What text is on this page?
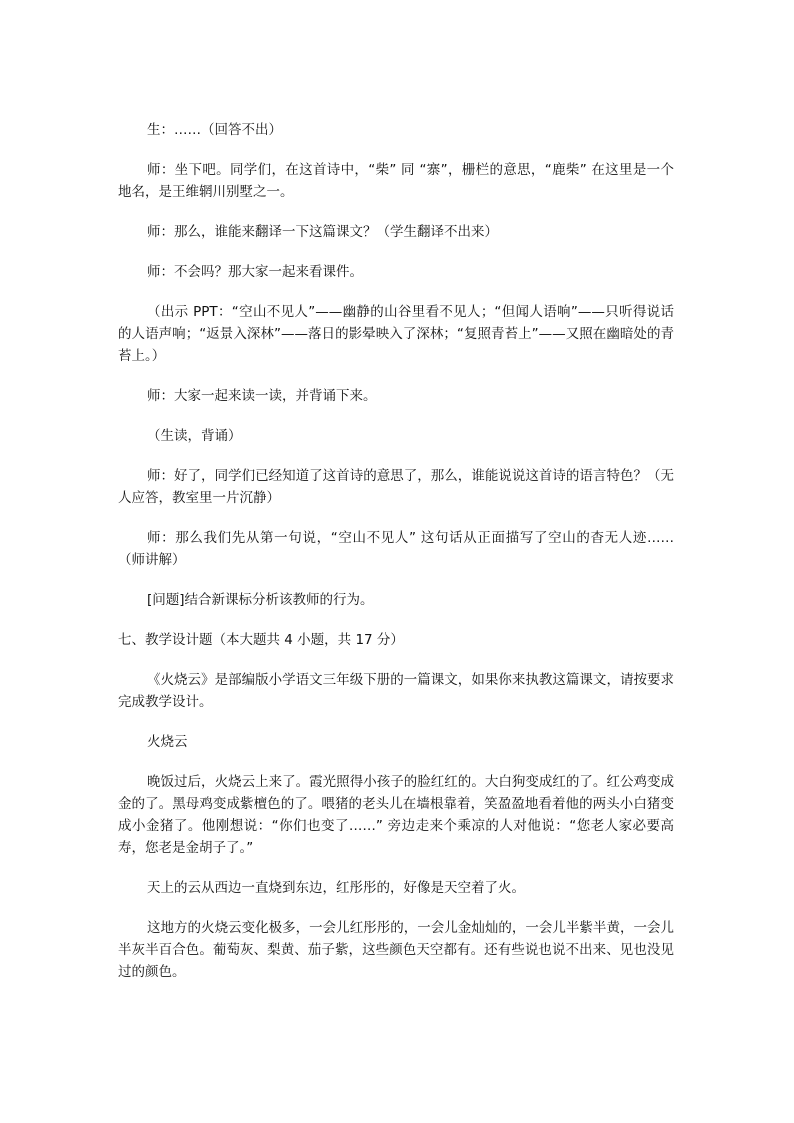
生：……（回答不出）

师：坐下吧。同学们，在这首诗中，“柴” 同 “寨”，栅栏的意思，“鹿柴” 在这里是一个地名，是王维辋川别墅之一。

师：那么，谁能来翻译一下这篇课文？（学生翻译不出来）

师：不会吗？那大家一起来看课件。

（出示 PPT：“空山不见人”——幽静的山谷里看不见人；“但闻人语响”——只听得说话的人语声响；“返景入深林”——落日的影晕映入了深林；“复照青苔上”——又照在幽暗处的青苔上。）

师：大家一起来读一读，并背诵下来。

（生读，背诵）

师：好了，同学们已经知道了这首诗的意思了，那么，谁能说说这首诗的语言特色？（无人应答，教室里一片沉静）

师：那么我们先从第一句说，“空山不见人” 这句话从正面描写了空山的杳无人迹……（师讲解）

[问题]结合新课标分析该教师的行为。

七、教学设计题（本大题共 4 小题，共 17 分）

《火烧云》是部编版小学语文三年级下册的一篇课文，如果你来执教这篇课文，请按要求完成教学设计。

火烧云

晚饭过后，火烧云上来了。霞光照得小孩子的脸红红的。大白狗变成红的了。红公鸡变成金的了。黑母鸡变成紫檀色的了。喂猪的老头儿在墙根靠着，笑盈盈地看着他的两头小白猪变成小金猪了。他刚想说：“你们也变了……” 旁边走来个乘凉的人对他说：“您老人家必要高寿，您老是金胡子了。”

天上的云从西边一直烧到东边，红彤彤的，好像是天空着了火。

这地方的火烧云变化极多，一会儿红彤彤的，一会儿金灿灿的，一会儿半紫半黄，一会儿半灰半百合色。葡萄灰、梨黄、茄子紫，这些颜色天空都有。还有些说也说不出来、见也没见过的颜色。
